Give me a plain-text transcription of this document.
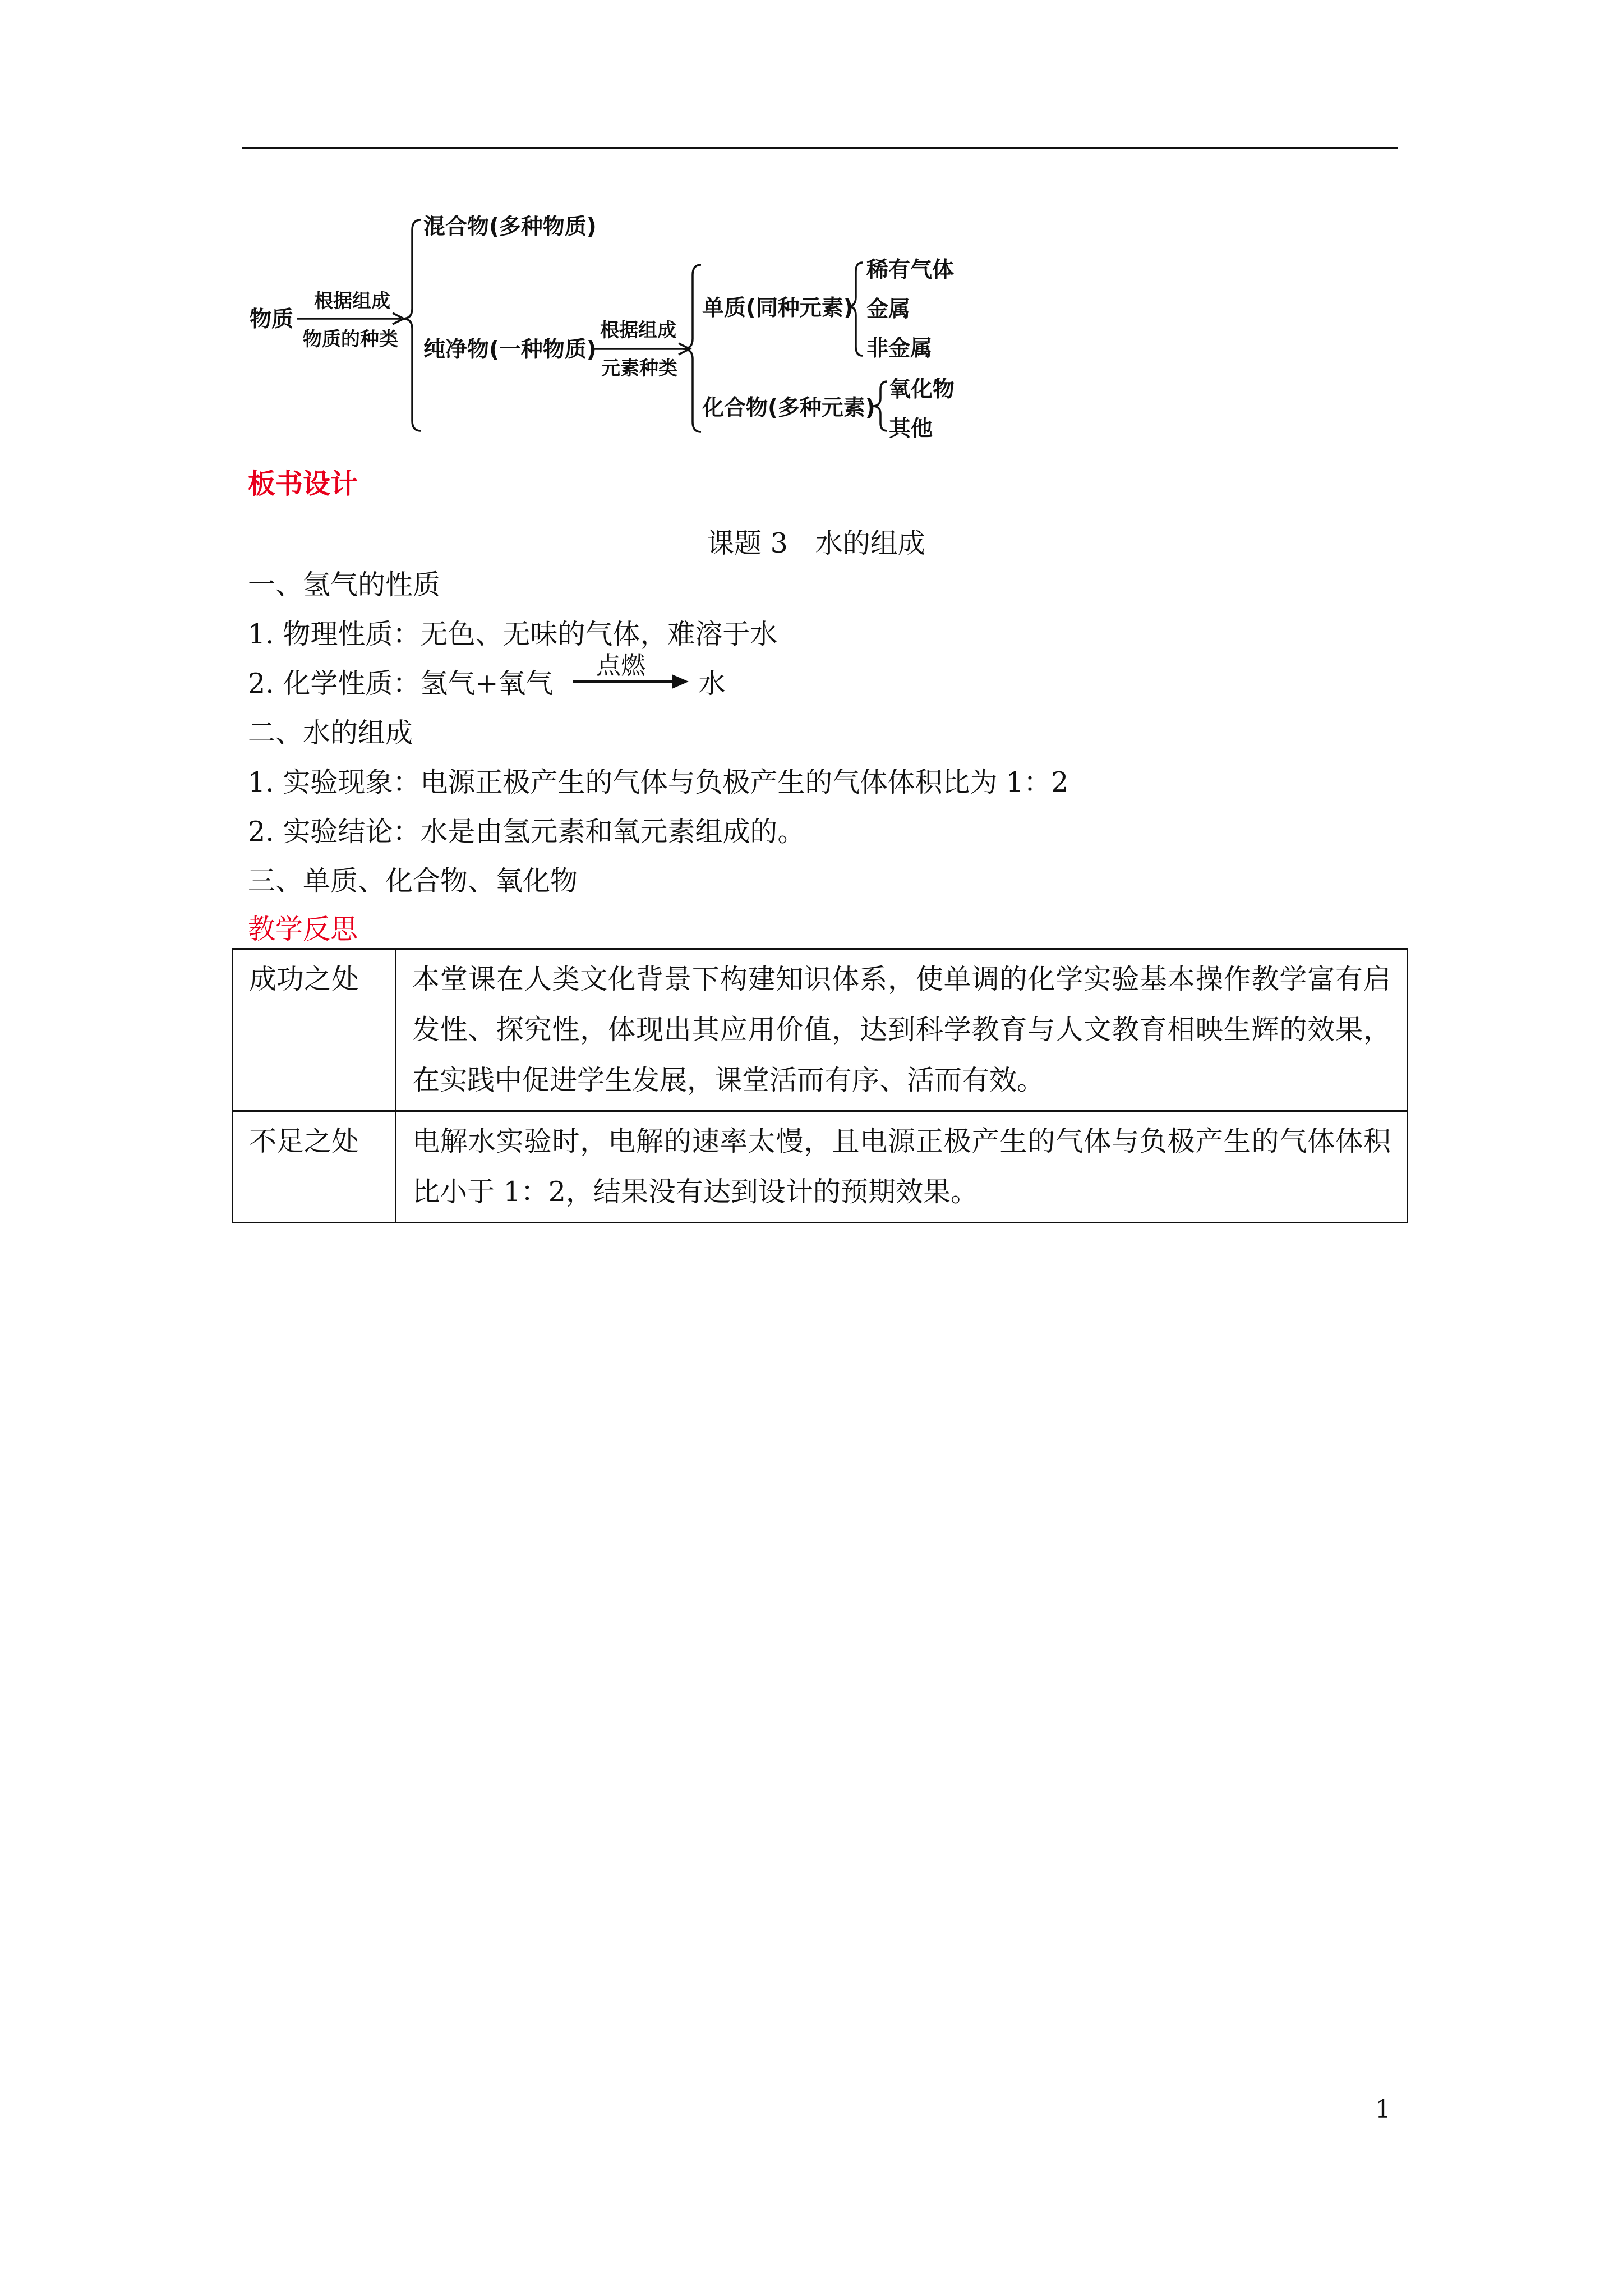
物质
根据组成
物质的种类
混合物(多种物质)
纯净物(一种物质)
根据组成
元素种类
单质(同种元素)
化合物(多种元素)
稀有气体
金属
非金属
氧化物
其他
板书设计
课题 3　水的组成
一、氢气的性质
1. 物理性质：无色、无味的气体，难溶于水
2. 化学性质：氢气+氧气
点燃
水
二、水的组成
1. 实验现象：电源正极产生的气体与负极产生的气体体积比为 1：2
2. 实验结论：水是由氢元素和氧元素组成的。
三、单质、化合物、氧化物
教学反思
成功之处	本堂课在人类文化背景下构建知识体系，使单调的化学实验基本操作教学富有启发性、探究性，体现出其应用价值，达到科学教育与人文教育相映生辉的效果，在实践中促进学生发展，课堂活而有序、活而有效。
不足之处	电解水实验时，电解的速率太慢，且电源正极产生的气体与负极产生的气体体积比小于 1：2，结果没有达到设计的预期效果。
1
